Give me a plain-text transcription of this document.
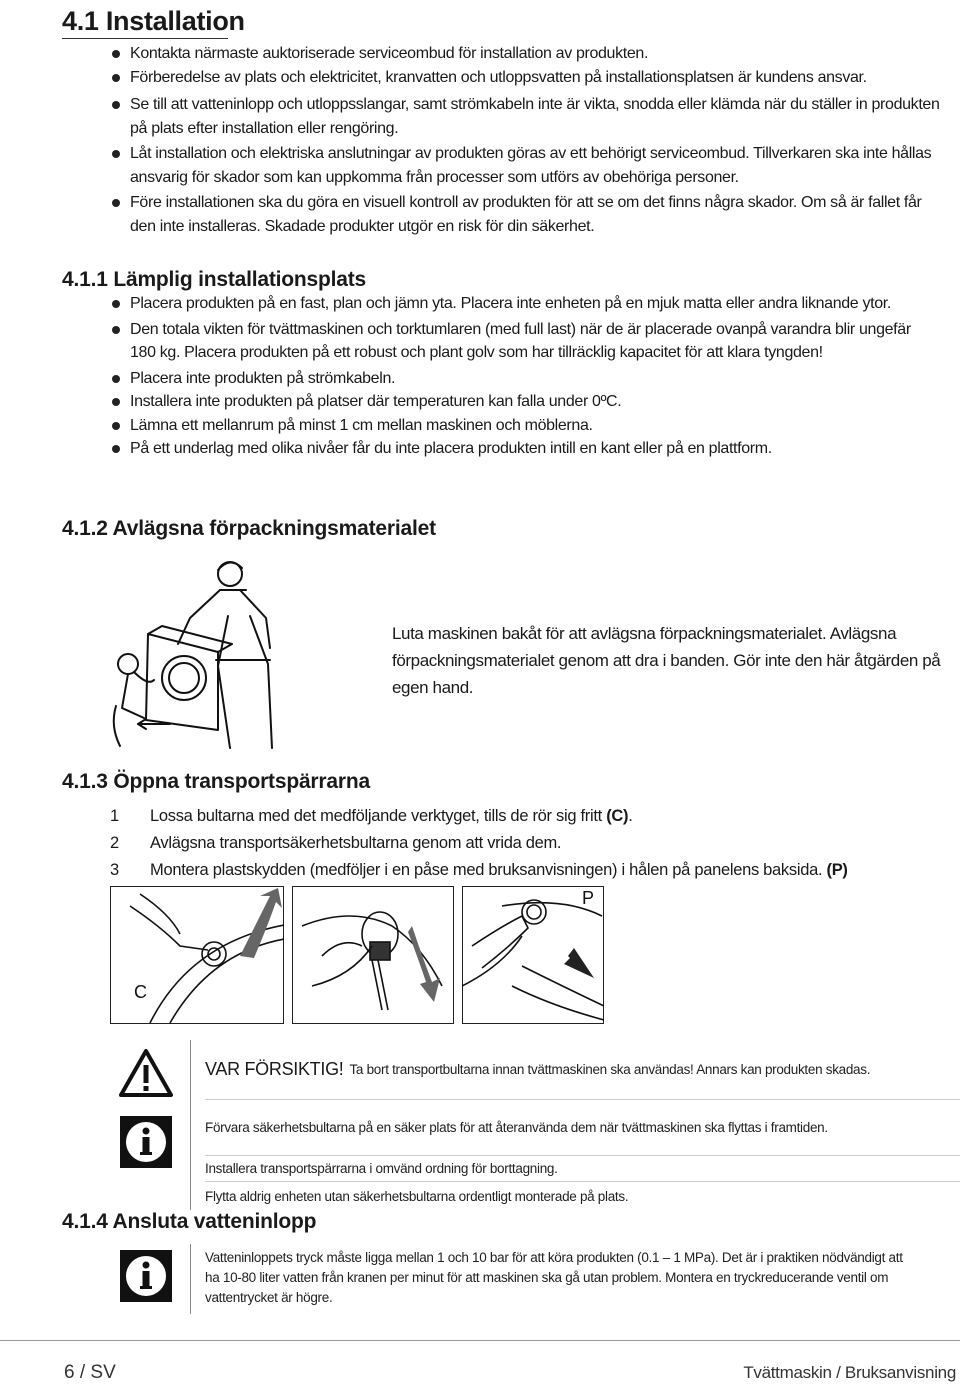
4.1 Installation
Kontakta närmaste auktoriserade serviceombud för installation av produkten.
Förberedelse av plats och elektricitet, kranvatten och utloppsvatten på installationsplatsen är kundens ansvar.
Se till att vatteninlopp och utloppsslangar, samt strömkabeln inte är vikta, snodda eller klämda när du ställer in produkten på plats efter installation eller rengöring.
Låt installation och elektriska anslutningar av produkten göras av ett behörigt serviceombud. Tillverkaren ska inte hållas ansvarig för skador som kan uppkomma från processer som utförs av obehöriga personer.
Före installationen ska du göra en visuell kontroll av produkten för att se om det finns några skador. Om så är fallet får den inte installeras. Skadade produkter utgör en risk för din säkerhet.
4.1.1 Lämplig installationsplats
Placera produkten på en fast, plan och jämn yta. Placera inte enheten på en mjuk matta eller andra liknande ytor.
Den totala vikten för tvättmaskinen och torktumlaren (med full last) när de är placerade ovanpå varandra blir ungefär 180 kg. Placera produkten på ett robust och plant golv som har tillräcklig kapacitet för att klara tyngden!
Placera inte produkten på strömkabeln.
Installera inte produkten på platser där temperaturen kan falla under 0ºC.
Lämna ett mellanrum på minst 1 cm mellan maskinen och möblerna.
På ett underlag med olika nivåer får du inte placera produkten intill en kant eller på en plattform.
4.1.2 Avlägsna förpackningsmaterialet
Luta maskinen bakåt för att avlägsna förpackningsmaterialet. Avlägsna förpackningsmaterialet genom att dra i banden. Gör inte den här åtgärden på egen hand.
4.1.3 Öppna transportspärrarna
1 Lossa bultarna med det medföljande verktyget, tills de rör sig fritt (C).
2 Avlägsna transportsäkerhetsbultarna genom att vrida dem.
3 Montera plastskydden (medföljer i en påse med bruksanvisningen) i hålen på panelens baksida. (P)
C
P
VAR FÖRSIKTIG! Ta bort transportbultarna innan tvättmaskinen ska användas! Annars kan produkten skadas.
Förvara säkerhetsbultarna på en säker plats för att återanvända dem när tvättmaskinen ska flyttas i framtiden.
Installera transportspärrarna i omvänd ordning för borttagning.
Flytta aldrig enheten utan säkerhetsbultarna ordentligt monterade på plats.
4.1.4 Ansluta vatteninlopp
Vatteninloppets tryck måste ligga mellan 1 och 10 bar för att köra produkten (0.1 – 1 MPa). Det är i praktiken nödvändigt att
ha 10-80 liter vatten från kranen per minut för att maskinen ska gå utan problem. Montera en tryckreducerande ventil om
vattentrycket är högre.
6 / SV	Tvättmaskin / Bruksanvisning
